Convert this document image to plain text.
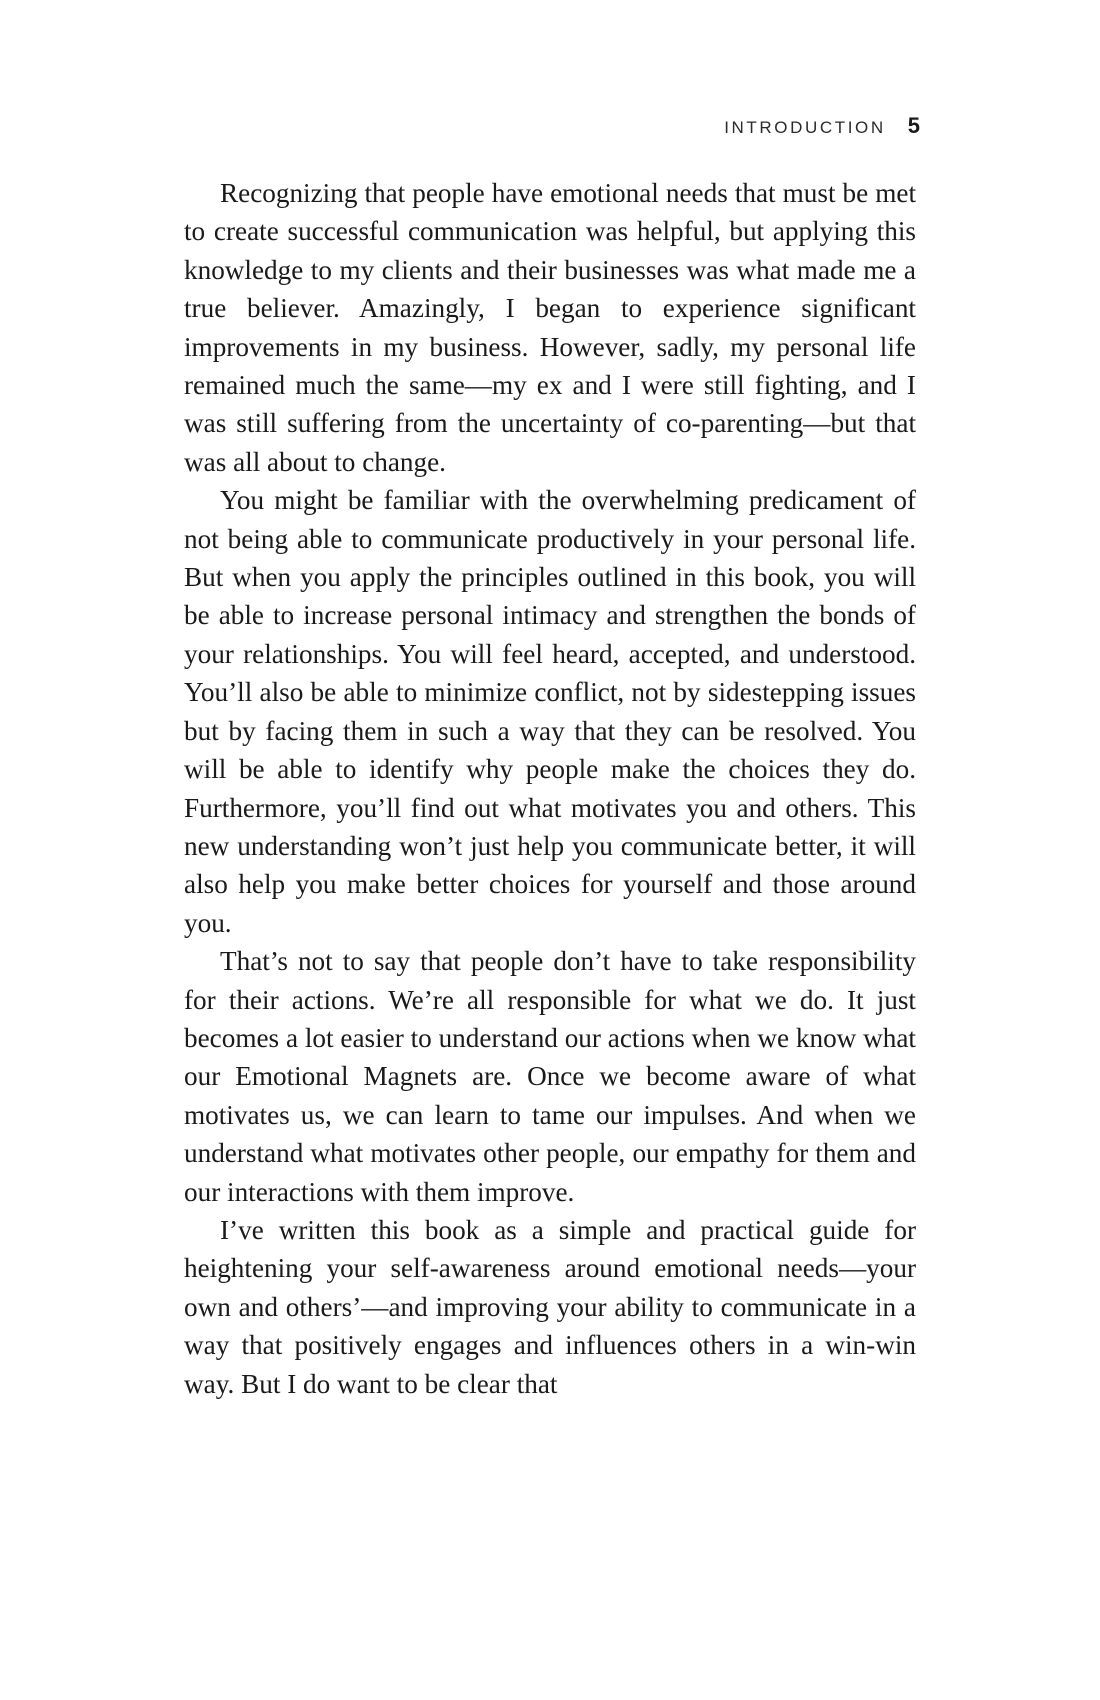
INTRODUCTION 5

Recognizing that people have emotional needs that must be met to create successful communication was helpful, but applying this knowledge to my clients and their businesses was what made me a true believer. Amazingly, I began to experience significant improvements in my business. However, sadly, my personal life remained much the same—my ex and I were still fighting, and I was still suffering from the uncertainty of co-parenting—but that was all about to change.

You might be familiar with the overwhelming predicament of not being able to communicate productively in your personal life. But when you apply the principles outlined in this book, you will be able to increase personal intimacy and strengthen the bonds of your relationships. You will feel heard, accepted, and understood. You’ll also be able to minimize conflict, not by sidestepping issues but by facing them in such a way that they can be resolved. You will be able to identify why people make the choices they do. Furthermore, you’ll find out what motivates you and others. This new understanding won’t just help you communicate better, it will also help you make better choices for yourself and those around you.

That’s not to say that people don’t have to take responsibility for their actions. We’re all responsible for what we do. It just becomes a lot easier to understand our actions when we know what our Emotional Magnets are. Once we become aware of what motivates us, we can learn to tame our impulses. And when we understand what motivates other people, our empathy for them and our interactions with them improve.

I’ve written this book as a simple and practical guide for heightening your self-awareness around emotional needs—your own and others’—and improving your ability to communicate in a way that positively engages and influences others in a win-win way. But I do want to be clear that
